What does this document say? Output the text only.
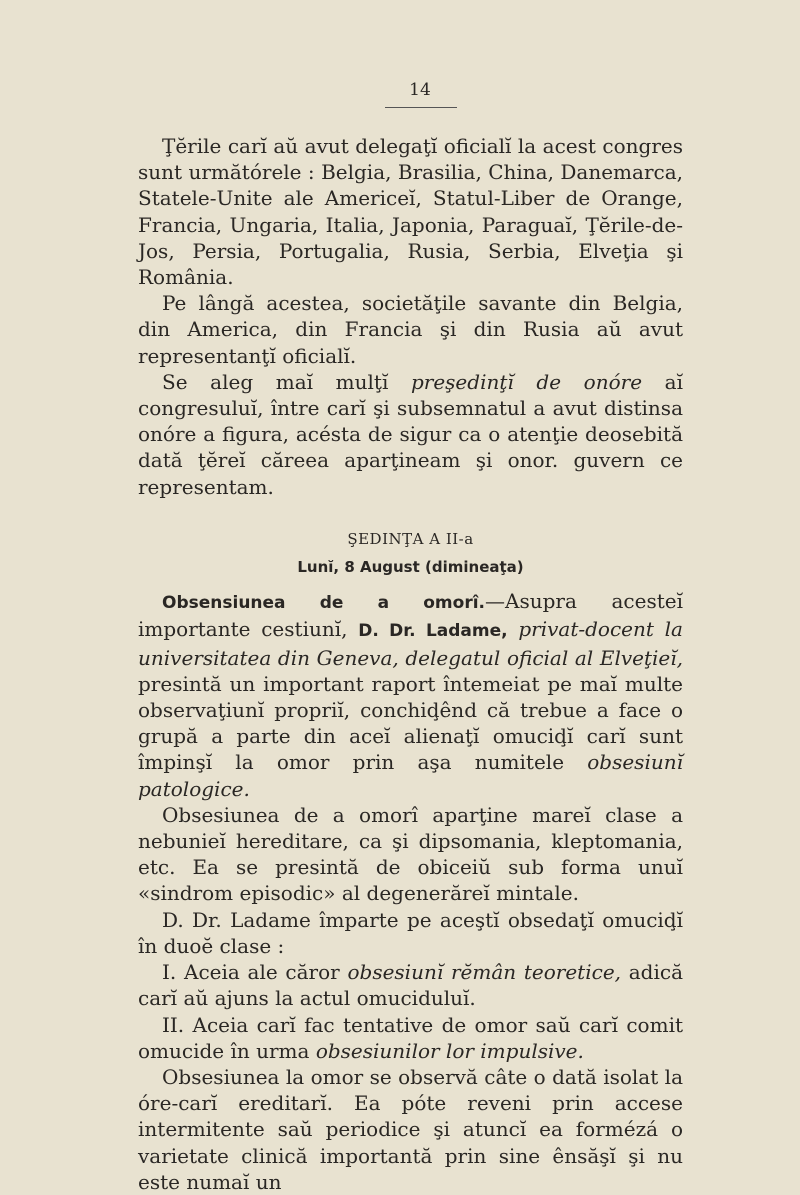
14

Ţĕrile carĭ aŭ avut delegaţĭ oficialĭ la acest congres sunt următórele : Belgia, Brasilia, China, Danemarca, Statele-Unite ale Americeĭ, Statul-Liber de Orange, Francia, Ungaria, Italia, Japonia, Paraguaĭ, Ţĕrile-de-Jos, Persia, Portugalia, Rusia, Serbia, Elveţia şi România.

Pe lângă acestea, societăţile savante din Belgia, din America, din Francia şi din Rusia aŭ avut representanţĭ oficialĭ.

Se aleg maĭ mulţĭ preşedinţĭ de onóre aĭ congresuluĭ, între carĭ şi subsemnatul a avut distinsa onóre a figura, acésta de sigur ca o atenţie deosebită dată ţĕreĭ căreea aparţineam şi onor. guvern ce representam.

ŞEDINŢA A II-a

Lunĭ, 8 August (dimineaţa)

Obsensiunea de a omorî.—Asupra acesteĭ importante cestiunĭ, D. Dr. Ladame, privat-docent la universitatea din Geneva, delegatul oficial al Elveţieĭ, presintă un important raport întemeiat pe maĭ multe observaţiunĭ propriĭ, conchiḑênd că trebue a face o grupă a parte din aceĭ alienaţĭ omuciḑĭ carĭ sunt împinşĭ la omor prin aşa numitele obsesiunĭ patologice.

Obsesiunea de a omorî aparţine mareĭ clase a nebunieĭ hereditare, ca şi dipsomania, kleptomania, etc. Ea se presintă de obiceiŭ sub forma unuĭ «sindrom episodic» al degenerăreĭ mintale.

D. Dr. Ladame împarte pe aceştĭ obsedaţĭ omuciḑĭ în duoĕ clase :

I. Aceia ale căror obsesiunĭ rĕmân teoretice, adică carĭ aŭ ajuns la actul omuciduluĭ.

II. Aceia carĭ fac tentative de omor saŭ carĭ comit omucide în urma obsesiunilor lor impulsive.

Obsesiunea la omor se observă câte o dată isolat la óre-carĭ ereditarĭ. Ea póte reveni prin accese intermitente saŭ periodice şi atuncĭ ea formézá o varietate clinică importantă prin sine ênsăşĭ şi nu este numaĭ un
